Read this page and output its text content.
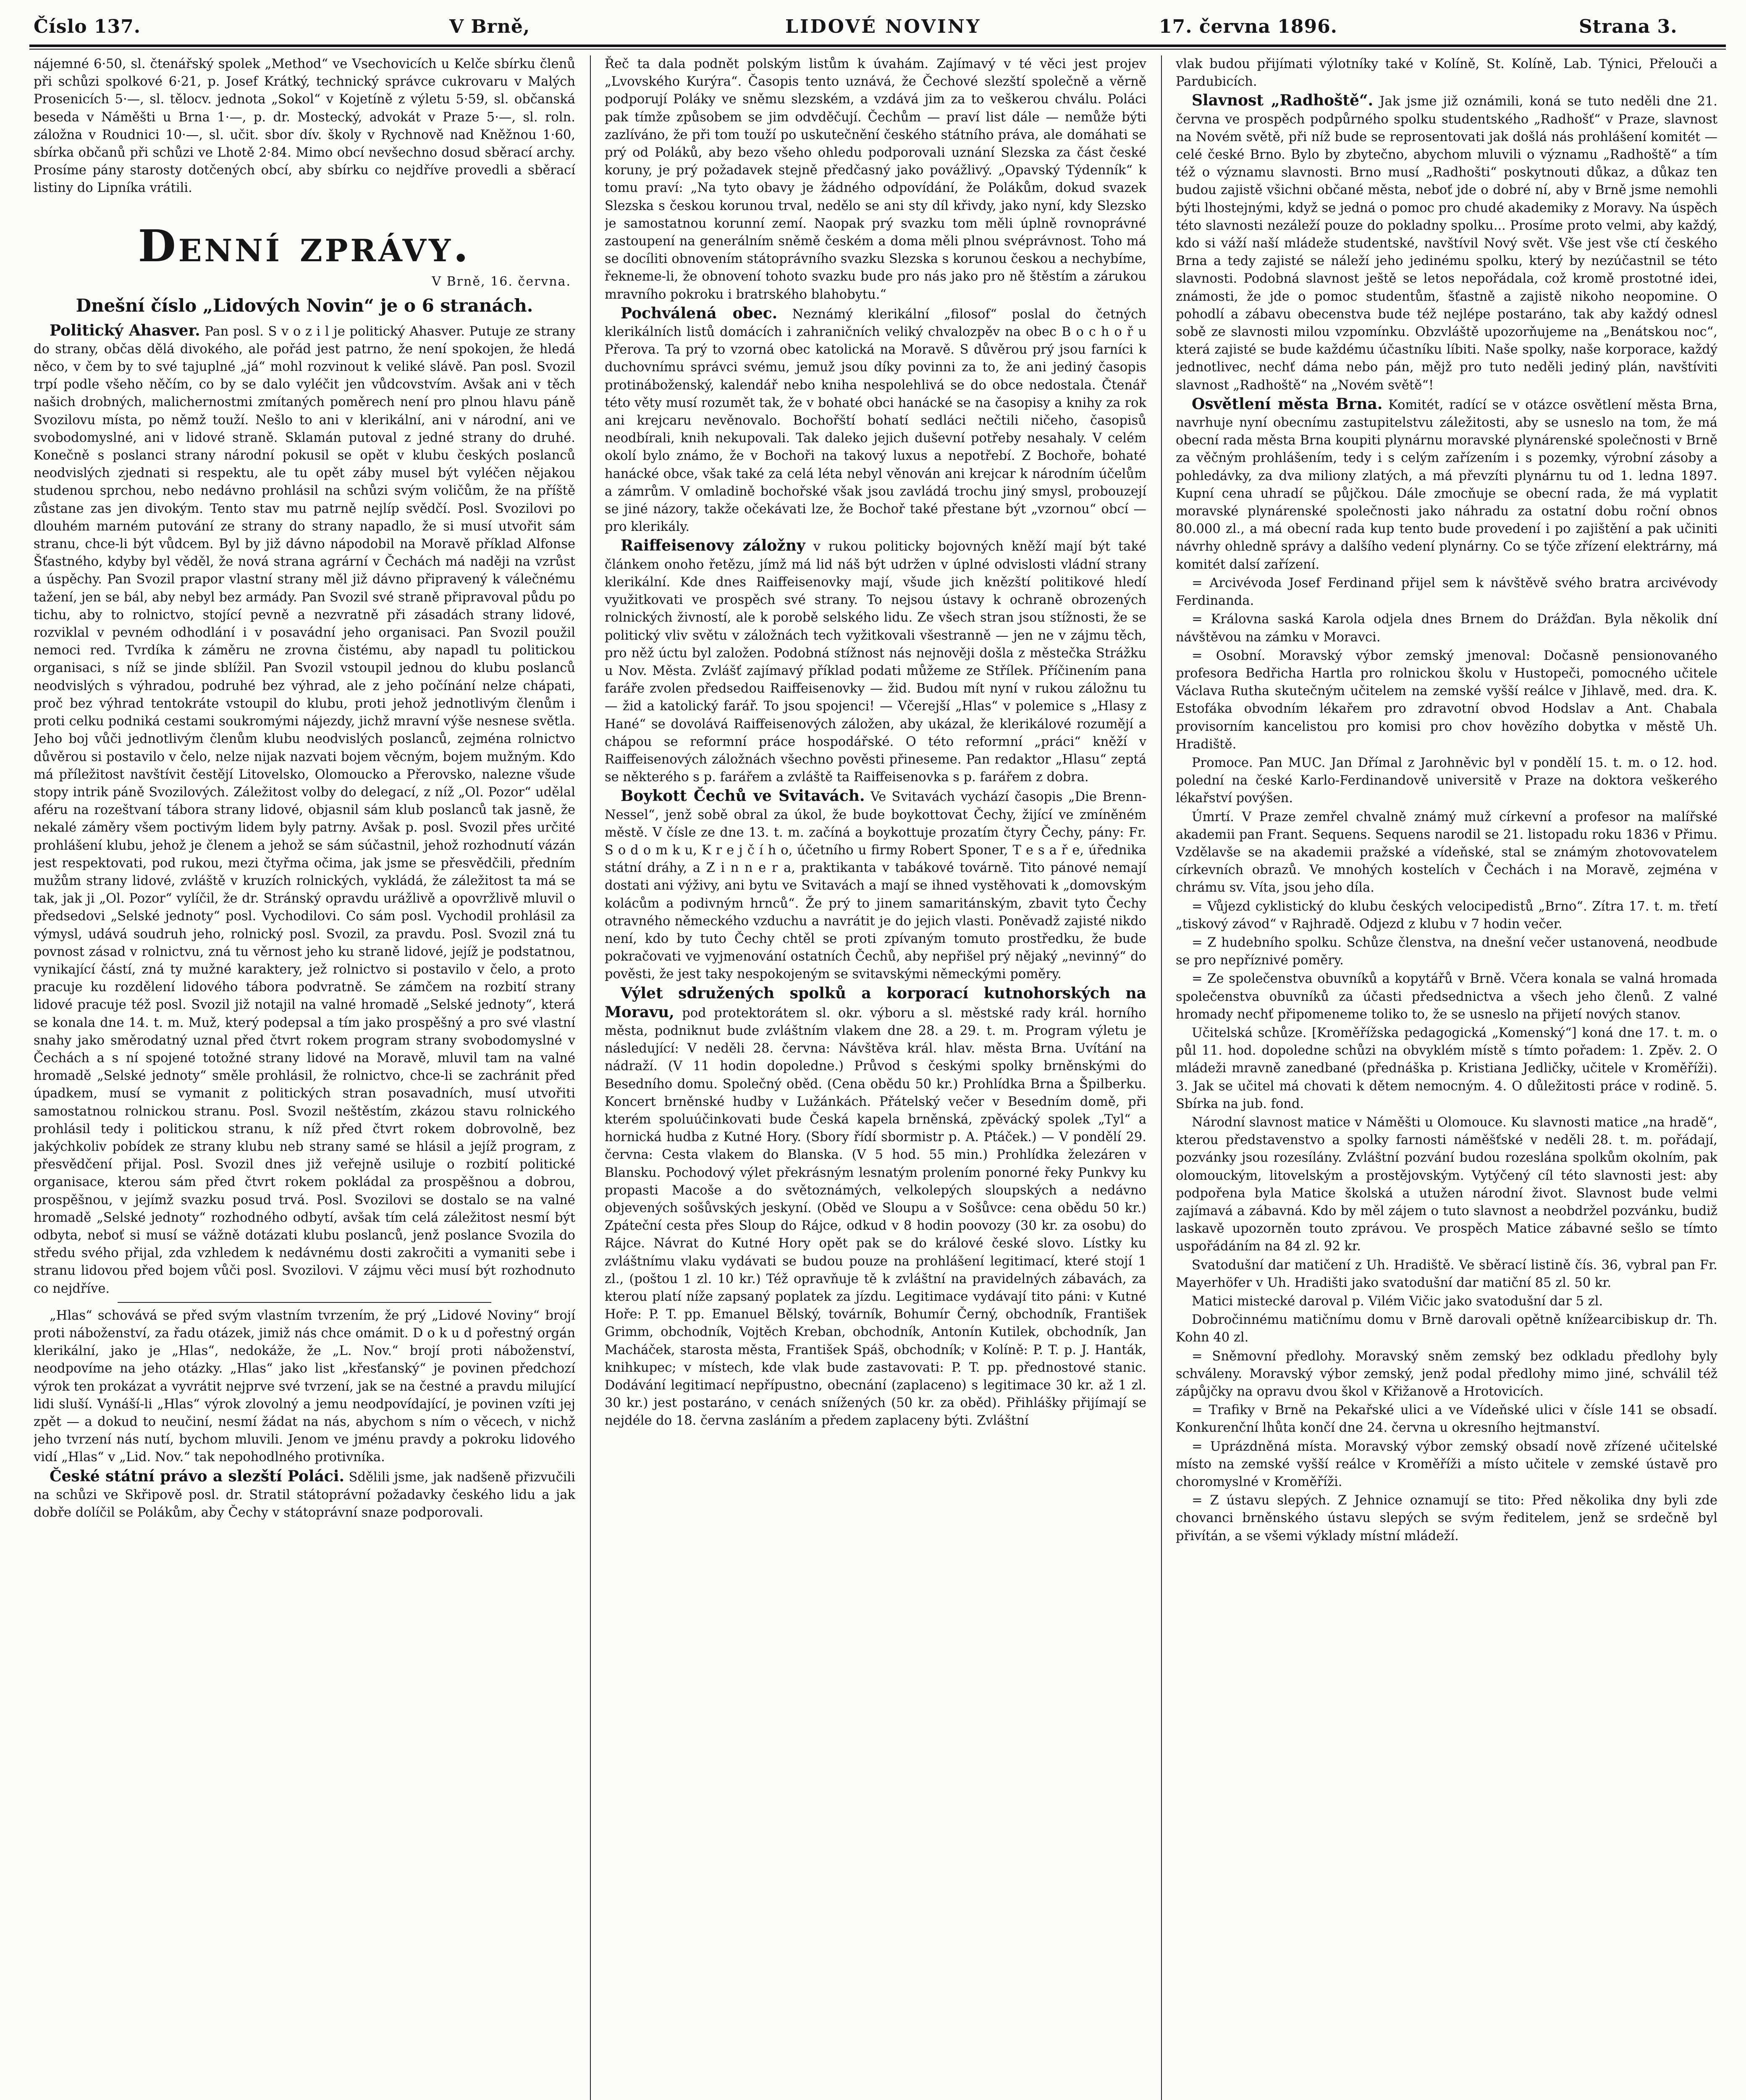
Číslo 137.	V Brně,	LIDOVÉ NOVINY	17. června 1896.	Strana 3.

nájemné 6·50, sl. čtenářský spolek „Method“ ve Vsechovicích u Kelče sbírku členů při schůzi spolkové 6·21, p. Josef Krátký, technický správce cukrovaru v Malých Prosenicích 5·—, sl. tělocv. jednota „Sokol“ v Kojetíně z výletu 5·59, sl. občanská beseda v Náměšti u Brna 1·—, p. dr. Mostecký, advokát v Praze 5·—, sl. roln. záložna v Roudnici 10·—, sl. učit. sbor dív. školy v Rychnově nad Kněžnou 1·60, sbírka občanů při schůzi ve Lhotě 2·84. Mimo obcí nevšechno dosud sběrací archy. Prosíme pány starosty dotčených obcí, aby sbírku co nejdříve provedli a sběrací listiny do Lipníka vrátili.

Denní zprávy.
V Brně, 16. června.
Dnešní číslo „Lidových Novin“ je o 6 stranách.

Politický Ahasver. Pan posl. S v o z i l je politický Ahasver. Putuje ze strany do strany, občas dělá divokého, ale pořád jest patrno, že není spokojen, že hledá něco, v čem by to své tajuplné „já“ mohl rozvinout k veliké slávě. Pan posl. Svozil trpí podle všeho něčím, co by se dalo vyléčit jen vůdcovstvím. Avšak ani v těch našich drobných, malichernostmi zmítaných poměrech není pro plnou hlavu páně Svozilovu místa, po němž touží. Nešlo to ani v klerikální, ani v národní, ani ve svobodomyslné, ani v lidové straně. Sklamán putoval z jedné strany do druhé. Konečně s poslanci strany národní pokusil se opět v klubu českých poslanců neodvislých zjednati si respektu, ale tu opět záby musel být vyléčen nějakou studenou sprchou, nebo nedávno prohlásil na schůzi svým voličům, že na příště zůstane zas jen divokým. Tento stav mu patrně nejlíp svědčí. Posl. Svozilovi po dlouhém marném putování ze strany do strany napadlo, že si musí utvořit sám stranu, chce-li být vůdcem. Byl by již dávno nápodobil na Moravě příklad Alfonse Šťastného, kdyby byl věděl, že nová strana agrární v Čechách má naději na vzrůst a úspěchy. Pan Svozil prapor vlastní strany měl již dávno připravený k válečnému tažení, jen se bál, aby nebyl bez armády. Pan Svozil své straně připravoval půdu po tichu, aby to rolnictvo, stojící pevně a nezvratně při zásadách strany lidové, rozviklal v pevném odhodlání i v posavádní jeho organisaci. Pan Svozil použil nemoci red. Tvrdíka k záměru ne zrovna čistému, aby napadl tu politickou organisaci, s níž se jinde sblížil. Pan Svozil vstoupil jednou do klubu poslanců neodvislých s výhradou, podruhé bez výhrad, ale z jeho počínání nelze chápati, proč bez výhrad tentokráte vstoupil do klubu, proti jehož jednotlivým členům i proti celku podniká cestami soukromými nájezdy, jichž mravní výše nesnese světla. Jeho boj vůči jednotlivým členům klubu neodvislých poslanců, zejména rolnictvo důvěrou si postavilo v čelo, nelze nijak nazvati bojem věcným, bojem mužným. Kdo má příležitost navštívit čestějí Litovelsko, Olomoucko a Přerovsko, nalezne všude stopy intrik páně Svozilových. Záležitost volby do delegací, z níž „Ol. Pozor“ udělal aféru na rozeštvaní tábora strany lidové, objasnil sám klub poslanců tak jasně, že nekalé záměry všem poctivým lidem byly patrny. Avšak p. posl. Svozil přes určité prohlášení klubu, jehož je členem a jehož se sám súčastnil, jehož rozhodnutí vázán jest respektovati, pod rukou, mezi čtyřma očima, jak jsme se přesvědčili, předním mužům strany lidové, zvláště v kruzích rolnických, vykládá, že záležitost ta má se tak, jak ji „Ol. Pozor“ vylíčil, že dr. Stránský opravdu urážlivě a opovržlivě mluvil o předsedovi „Selské jednoty“ posl. Vychodilovi. Co sám posl. Vychodil prohlásil za výmysl, udává soudruh jeho, rolnický posl. Svozil, za pravdu. Posl. Svozil zná tu povnost zásad v rolnictvu, zná tu věrnost jeho ku straně lidové, jejíž je podstatnou, vynikající částí, zná ty mužné karaktery, jež rolnictvo si postavilo v čelo, a proto pracuje ku rozdělení lidového tábora podvratně. Se zámčem na rozbití strany lidové pracuje též posl. Svozil již notajil na valné hromadě „Selské jednoty“, která se konala dne 14. t. m. Muž, který podepsal a tím jako prospěšný a pro své vlastní snahy jako směrodatný uznal před čtvrt rokem program strany svobodomyslné v Čechách a s ní spojené totožné strany lidové na Moravě, mluvil tam na valné hromadě „Selské jednoty“ směle prohlásil, že rolnictvo, chce-li se zachránit před úpadkem, musí se vymanit z politických stran posavadních, musí utvořiti samostatnou rolnickou stranu. Posl. Svozil neštěstím, zkázou stavu rolnického prohlásil tedy i politickou stranu, k níž před čtvrt rokem dobrovolně, bez jakýchkoliv pobídek ze strany klubu neb strany samé se hlásil a jejíž program, z přesvědčení přijal. Posl. Svozil dnes již veřejně usiluje o rozbití politické organisace, kterou sám před čtvrt rokem pokládal za prospěšnou a dobrou, prospěšnou, v jejímž svazku posud trvá. Posl. Svozilovi se dostalo se na valné hromadě „Selské jednoty“ rozhodného odbytí, avšak tím celá záležitost nesmí být odbyta, neboť si musí se vážně dotázati klubu poslanců, jenž poslance Svozila do středu svého přijal, zda vzhledem k nedávnému dosti zakročiti a vymaniti sebe i stranu lidovou před bojem vůči posl. Svozilovi. V zájmu věci musí být rozhodnuto co nejdříve.

„Hlas“ schovává se před svým vlastním tvrzením, že prý „Lidové Noviny“ brojí proti náboženství, za řadu otázek, jimiž nás chce omámit. D o k u d pořestný orgán klerikální, jako je „Hlas“, nedokáže, že „L. Nov.“ brojí proti náboženství, neodpovíme na jeho otázky. „Hlas“ jako list „křesťanský“ je povinen předchozí výrok ten prokázat a vyvrátit nejprve své tvrzení, jak se na čestné a pravdu milující lidi sluší. Vynáší-li „Hlas“ výrok zlovolný a jemu neodpovídající, je povinen vzíti jej zpět — a dokud to neučiní, nesmí žádat na nás, abychom s ním o věcech, v nichž jeho tvrzení nás nutí, bychom mluvili. Jenom ve jménu pravdy a pokroku lidového vidí „Hlas“ v „Lid. Nov.“ tak nepohodlného protivníka.

České státní právo a slezští Poláci. Sdělili jsme, jak nadšeně přizvučili na schůzi ve Skřipově posl. dr. Stratil státoprávní požadavky českého lidu a jak dobře dolíčil se Polákům, aby Čechy v státoprávní snaze podporovali.

Řeč ta dala podnět polským listům k úvahám. Zajímavý v té věci jest projev „Lvovského Kurýra“. Časopis tento uznává, že Čechové slezští společně a věrně podporují Poláky ve sněmu slezském, a vzdává jim za to veškerou chválu. Poláci pak tímže způsobem se jim odvděčují. Čechům — praví list dále — nemůže býti zazlíváno, že při tom touží po uskutečnění českého státního práva, ale domáhati se prý od Poláků, aby bezo všeho ohledu podporovali uznání Slezska za část české koruny, je prý požadavek stejně předčasný jako povážlivý. „Opavský Týdenník“ k tomu praví: „Na tyto obavy je žádného odpovídání, že Polákům, dokud svazek Slezska s českou korunou trval, nedělo se ani sty díl křivdy, jako nyní, kdy Slezsko je samostatnou korunní zemí. Naopak prý svazku tom měli úplně rovnoprávné zastoupení na generálním sněmě českém a doma měli plnou svéprávnost. Toho má se docíliti obnovením státoprávního svazku Slezska s korunou českou a nechybíme, řekneme-li, že obnovení tohoto svazku bude pro nás jako pro ně štěstím a zárukou mravního pokroku i bratrského blahobytu.“

Pochválená obec. Neznámý klerikální „filosof“ poslal do četných klerikálních listů domácích i zahraničních veliký chvalozpěv na obec B o c h o ř u Přerova. Ta prý to vzorná obec katolická na Moravě. S důvěrou prý jsou farníci k duchovnímu správci svému, jemuž jsou díky povinni za to, že ani jediný časopis protináboženský, kalendář nebo kniha nespolehlivá se do obce nedostala. Čtenář této věty musí rozumět tak, že v bohaté obci hanácké se na časopisy a knihy za rok ani krejcaru nevěnovalo. Bochořští bohatí sedláci nečtili ničeho, časopisů neodbírali, knih nekupovali. Tak daleko jejich duševní potřeby nesahaly. V celém okolí bylo známo, že v Bochoři na takový luxus a nepotřebí. Z Bochoře, bohaté hanácké obce, však také za celá léta nebyl věnován ani krejcar k národním účelům a zámrům. V omladině bochořské však jsou zavládá trochu jiný smysl, probouzejí se jiné názory, takže očekávati lze, že Bochoř také přestane být „vzornou“ obcí — pro klerikály.

Raiffeisenovy záložny v rukou politicky bojovných kněží mají být také článkem onoho řetězu, jímž má lid náš být udržen v úplné odvislosti vládní strany klerikální. Kde dnes Raiffeisenovky mají, všude jich knězští politikové hledí využitkovati ve prospěch své strany. To nejsou ústavy k ochraně obrozených rolnických živností, ale k porobě selského lidu. Ze všech stran jsou stížnosti, že se politický vliv světu v záložnách tech vyžitkovali všestranně — jen ne v zájmu těch, pro něž úctu byl založen. Podobná stížnost nás nejnověji došla z městečka Strážku u Nov. Města. Zvlášť zajímavý příklad podati můžeme ze Střílek. Příčinením pana faráře zvolen předsedou Raiffeisenovky — žid. Budou mít nyní v rukou záložnu tu — žid a katolický farář. To jsou spojenci! — Včerejší „Hlas“ v polemice s „Hlasy z Hané“ se dovolává Raiffeisenových záložen, aby ukázal, že klerikálové rozumějí a chápou se reformní práce hospodářské. O této reformní „práci“ kněží v Raiffeisenových záložnách všechno pověsti přineseme. Pan redaktor „Hlasu“ zeptá se některého s p. farářem a zvláště ta Raiffeisenovka s p. farářem z dobra.

Boykott Čechů ve Svitavách. Ve Svitavách vychází časopis „Die Brenn-Nessel“, jenž sobě obral za úkol, že bude boykottovat Čechy, žijící ve zmíněném městě. V čísle ze dne 13. t. m. začíná a boykottuje prozatím čtyry Čechy, pány: Fr. S o d o m k u, K r e j č í h o, účetního u firmy Robert Sponer, T e s a ř e, úřednika státní dráhy, a Z i n n e r a, praktikanta v tabákové továrně. Tito pánové nemají dostati ani výživy, ani bytu ve Svitavách a mají se ihned vystěhovati k „domovským kolácům a podivným hrnců“. Že prý to jinem samaritánským, zbavit tyto Čechy otravného německého vzduchu a navrátit je do jejich vlasti. Poněvadž zajisté nikdo není, kdo by tuto Čechy chtěl se proti zpívaným tomuto prostředku, že bude pokračovati ve vyjmenování ostatních Čechů, aby nepřišel prý nějaký „nevinný“ do pověsti, že jest taky nespokojeným se svitavskými německými poměry.

Výlet sdružených spolků a korporací kutnohorských na Moravu, pod protektorátem sl. okr. výboru a sl. městské rady král. horního města, podniknut bude zvláštním vlakem dne 28. a 29. t. m. Program výletu je následující: V neděli 28. června: Návštěva král. hlav. města Brna. Uvítání na nádraží. (V 11 hodin dopoledne.) Průvod s českými spolky brněnskými do Besedního domu. Společný oběd. (Cena obědu 50 kr.) Prohlídka Brna a Špilberku. Koncert brněnské hudby v Lužánkách. Přátelský večer v Besedním domě, při kterém spoluúčinkovati bude Česká kapela brněnská, zpěvácký spolek „Tyl“ a hornická hudba z Kutné Hory. (Sbory řídí sbormistr p. A. Ptáček.) — V pondělí 29. června: Cesta vlakem do Blanska. (V 5 hod. 55 min.) Prohlídka železáren v Blansku. Pochodový výlet překrásným lesnatým prolením ponorné řeky Punkvy ku propasti Macoše a do světoznámých, velkolepých sloupských a nedávno objevených sošůvských jeskyní. (Oběd ve Sloupu a v Sošůvce: cena obědu 50 kr.) Zpáteční cesta přes Sloup do Rájce, odkud v 8 hodin poovozy (30 kr. za osobu) do Rájce. Návrat do Kutné Hory opět pak se do králové české slovo. Lístky ku zvláštnímu vlaku vydávati se budou pouze na prohlášení legitimací, které stojí 1 zl., (poštou 1 zl. 10 kr.) Též opravňuje tě k zvláštní na pravidelných zábavách, za kterou platí níže zapsaný poplatek za jízdu. Legitimace vydávají tito páni: v Kutné Hoře: P. T. pp. Emanuel Bělský, továrník, Bohumír Černý, obchodník, František Grimm, obchodník, Vojtěch Kreban, obchodník, Antonín Kutilek, obchodník, Jan Macháček, starosta města, František Spáš, obchodník; v Kolíně: P. T. p. J. Hanták, knihkupec; v místech, kde vlak bude zastavovati: P. T. pp. přednostové stanic. Dodávání legitimací nepřípustno, obecnání (zaplaceno) s legitimace 30 kr. až 1 zl. 30 kr.) jest postaráno, v cenách snížených (50 kr. za oběd). Přihlášky přijímají se nejdéle do 18. června zasláním a předem zaplaceny býti. Zvláštní

vlak budou přijímati výlotníky také v Kolíně, St. Kolíně, Lab. Týnici, Přelouči a Pardubicích.

Slavnost „Radhoště“. Jak jsme již oznámili, koná se tuto neděli dne 21. června ve prospěch podpůrného spolku studentského „Radhošť“ v Praze, slavnost na Novém světě, při níž bude se reprosentovati jak došlá nás prohlášení komitét — celé české Brno. Bylo by zbytečno, abychom mluvili o významu „Radhoště“ a tím též o významu slavnosti. Brno musí „Radhošti“ poskytnouti důkaz, a důkaz ten budou zajistě všichni občané města, neboť jde o dobré ní, aby v Brně jsme nemohli býti lhostejnými, když se jedná o pomoc pro chudé akademiky z Moravy. Na úspěch této slavnosti nezáleží pouze do pokladny spolku... Prosíme proto velmi, aby každý, kdo si váží naší mládeže studentské, navštívil Nový svět. Vše jest vše ctí českého Brna a tedy zajisté se náleží jeho jedinému spolku, který by nezúčastnil se této slavnosti. Podobná slavnost ještě se letos nepořádala, což kromě prostotné idei, známosti, že jde o pomoc studentům, šťastně a zajistě nikoho neopomine. O pohodlí a zábavu obecenstva bude též nejlépe postaráno, tak aby každý odnesl sobě ze slavnosti milou vzpomínku. Obzvláště upozorňujeme na „Benátskou noc“, která zajisté se bude každému účastníku líbiti. Naše spolky, naše korporace, každý jednotlivec, nechť dáma nebo pán, mějž pro tuto neděli jediný plán, navštíviti slavnost „Radhoště“ na „Novém světě“!

Osvětlení města Brna. Komitét, radící se v otázce osvětlení města Brna, navrhuje nyní obecnímu zastupitelstvu záležitosti, aby se usneslo na tom, že má obecní rada města Brna koupiti plynárnu moravské plynárenské společnosti v Brně za věčným prohlášením, tedy i s celým zařízením i s pozemky, výrobní zásoby a pohledávky, za dva miliony zlatých, a má převzíti plynárnu tu od 1. ledna 1897. Kupní cena uhradí se půjčkou. Dále zmocňuje se obecní rada, že má vyplatit moravské plynárenské společnosti jako náhradu za ostatní dobu roční obnos 80.000 zl., a má obecní rada kup tento bude provedení i po zajištění a pak učiniti návrhy ohledně správy a dalšího vedení plynárny. Co se týče zřízení elektrárny, má komitét dalsí zařízení.

= Arcivévoda Josef Ferdinand přijel sem k návštěvě svého bratra arcivévody Ferdinanda.

= Královna saská Karola odjela dnes Brnem do Drážďan. Byla několik dní návštěvou na zámku v Moravci.

= Osobní. Moravský výbor zemský jmenoval: Dočasně pensionovaného profesora Bedřicha Hartla pro rolnickou školu v Hustopeči, pomocného učitele Václava Rutha skutečným učitelem na zemské vyšší reálce v Jihlavě, med. dra. K. Estofáka obvodním lékařem pro zdravotní obvod Hodslav a Ant. Chabala provisorním kancelistou pro komisi pro chov hovězího dobytka v městě Uh. Hradiště.

Promoce. Pan MUC. Jan Dřímal z Jarohněvic byl v pondělí 15. t. m. o 12. hod. polední na české Karlo-Ferdinandově universitě v Praze na doktora veškerého lékařství povýšen.

Úmrtí. V Praze zemřel chvalně známý muž církevní a profesor na malířské akademii pan Frant. Sequens. Sequens narodil se 21. listopadu roku 1836 v Přimu. Vzdělavše se na akademii pražské a vídeňské, stal se známým zhotovovatelem církevních obrazů. Ve mnohých kostelích v Čechách i na Moravě, zejména v chrámu sv. Víta, jsou jeho díla.

= Vůjezd cyklistický do klubu českých velocipedistů „Brno“. Zítra 17. t. m. třetí „tiskový závod“ v Rajhradě. Odjezd z klubu v 7 hodin večer.

= Z hudebního spolku. Schůze členstva, na dnešní večer ustanovená, neodbude se pro nepříznivé poměry.

= Ze společenstva obuvníků a kopytářů v Brně. Včera konala se valná hromada společenstva obuvníků za účasti předsednictva a všech jeho členů. Z valné hromady nechť připomeneme toliko to, že se usneslo na přijetí nových stanov.

Učitelská schůze. [Kroměřížska pedagogická „Komenský“] koná dne 17. t. m. o půl 11. hod. dopoledne schůzi na obvyklém místě s tímto pořadem: 1. Zpěv. 2. O mládeži mravně zanedbané (přednáška p. Kristiana Jedličky, učitele v Kroměříži). 3. Jak se učitel má chovati k dětem nemocným. 4. O důležitosti práce v rodině. 5. Sbírka na jub. fond.

Národní slavnost matice v Náměšti u Olomouce. Ku slavnosti matice „na hradě“, kterou představenstvo a spolky farnosti náměšťské v neděli 28. t. m. pořádají, pozvánky jsou rozesílány. Zvláštní pozvání budou rozeslána spolkům okolním, pak olomouckým, litovelským a prostějovským. Vytýčený cíl této slavnosti jest: aby podpořena byla Matice školská a utužen národní život. Slavnost bude velmi zajímavá a zábavná. Kdo by měl zájem o tuto slavnost a neobdržel pozvánku, budiž laskavě upozorněn touto zprávou. Ve prospěch Matice zábavné sešlo se tímto uspořádáním na 84 zl. 92 kr.

Svatodušní dar matičení z Uh. Hradiště. Ve sběrací listině čís. 36, vybral pan Fr. Mayerhöfer v Uh. Hradišti jako svatodušní dar matiční 85 zl. 50 kr.

Matici mistecké daroval p. Vilém Vičic jako svatodušní dar 5 zl.

Dobročinnému matičnímu domu v Brně darovali opětně knížearcibiskup dr. Th. Kohn 40 zl.

= Sněmovní předlohy. Moravský sněm zemský bez odkladu předlohy byly schváleny. Moravský výbor zemský, jenž podal předlohy mimo jiné, schválil též zápůjčky na opravu dvou škol v Křižanově a Hrotovicích.

= Trafiky v Brně na Pekařské ulici a ve Vídeňské ulici v čísle 141 se obsadí. Konkurenční lhůta končí dne 24. června u okresního hejtmanství.

= Uprázdněná místa. Moravský výbor zemský obsadí nově zřízené učitelské místo na zemské vyšší reálce v Kroměříži a místo učitele v zemské ústavě pro choromyslné v Kroměříži.

= Z ústavu slepých. Z Jehnice oznamují se tito: Před několika dny byli zde chovanci brněnského ústavu slepých se svým ředitelem, jenž se srdečně byl přivítán, a se všemi výklady místní mládeží.
